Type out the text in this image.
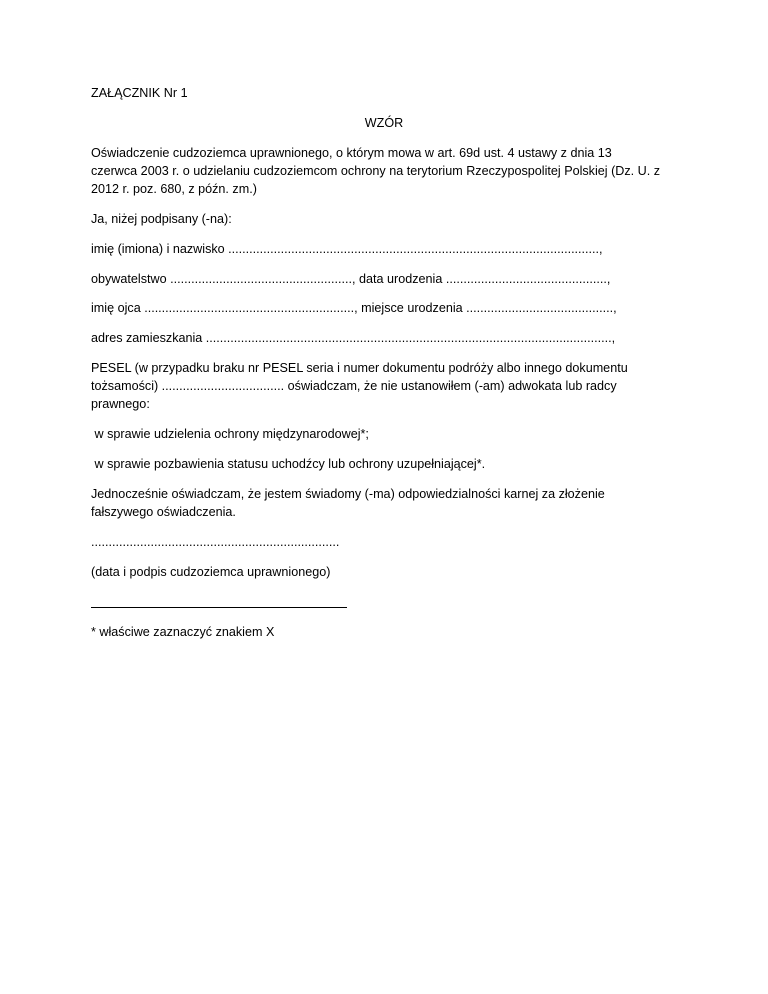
ZAŁĄCZNIK Nr 1
WZÓR
Oświadczenie cudzoziemca uprawnionego, o którym mowa w art. 69d ust. 4 ustawy z dnia 13
czerwca 2003 r. o udzielaniu cudzoziemcom ochrony na terytorium Rzeczypospolitej Polskiej (Dz. U. z
2012 r. poz. 680, z późn. zm.)
Ja, niżej podpisany (-na):
imię (imiona) i nazwisko ..........................................................................................................,
obywatelstwo ...................................................., data urodzenia ..............................................,
imię ojca ............................................................, miejsce urodzenia ..........................................,
adres zamieszkania ....................................................................................................................,
PESEL (w przypadku braku nr PESEL seria i numer dokumentu podróży albo innego dokumentu
tożsamości) ................................... oświadczam, że nie ustanowiłem (-am) adwokata lub radcy
prawnego:
w sprawie udzielenia ochrony międzynarodowej*;
w sprawie pozbawienia statusu uchodźcy lub ochrony uzupełniającej*.
Jednocześnie oświadczam, że jestem świadomy (-ma) odpowiedzialności karnej za złożenie
fałszywego oświadczenia.
.......................................................................
(data i podpis cudzoziemca uprawnionego)
* właściwe zaznaczyć znakiem X
